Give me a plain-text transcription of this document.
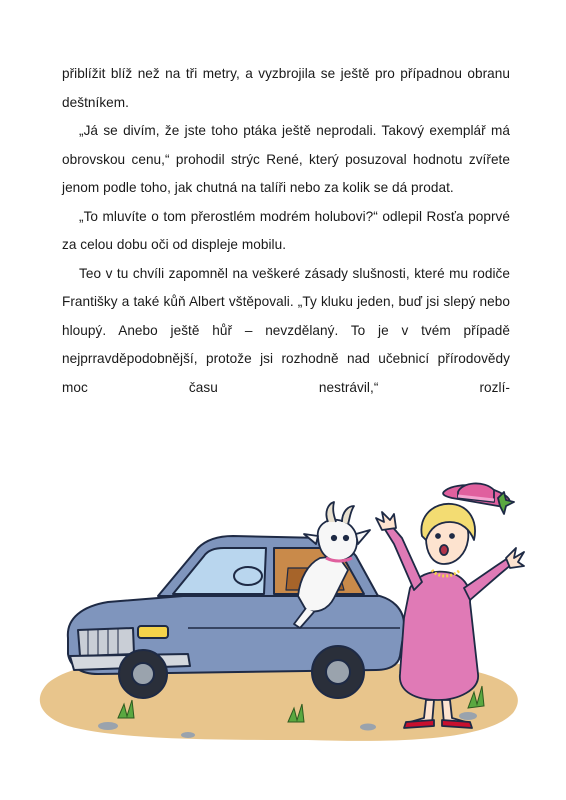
přiblížit blíž než na tři metry, a vyzbrojila se ještě pro případnou obranu deštníkem.

„Já se divím, že jste toho ptáka ještě neprodali. Takový exemplář má obrovskou cenu,“ prohodil strýc René, který posuzoval hodnotu zvířete jenom podle toho, jak chutná na talíři nebo za kolik se dá prodat.

„To mluvíte o tom přerostlém modrém holubovi?“ odlepil Rosťa poprvé za celou dobu oči od displeje mobilu.

Teo v tu chvíli zapomněl na veškeré zásady slušnosti, které mu rodiče Františky a také kůň Albert vštěpovali. „Ty kluku jeden, buď jsi slepý nebo hloupý. Anebo ještě hůř – nevzdělaný. To je v tvém případě nejprravděpodobnější, protože jsi rozhodně nad učebnicí přírodovědy moc času nestrávil,“ rozlí-
